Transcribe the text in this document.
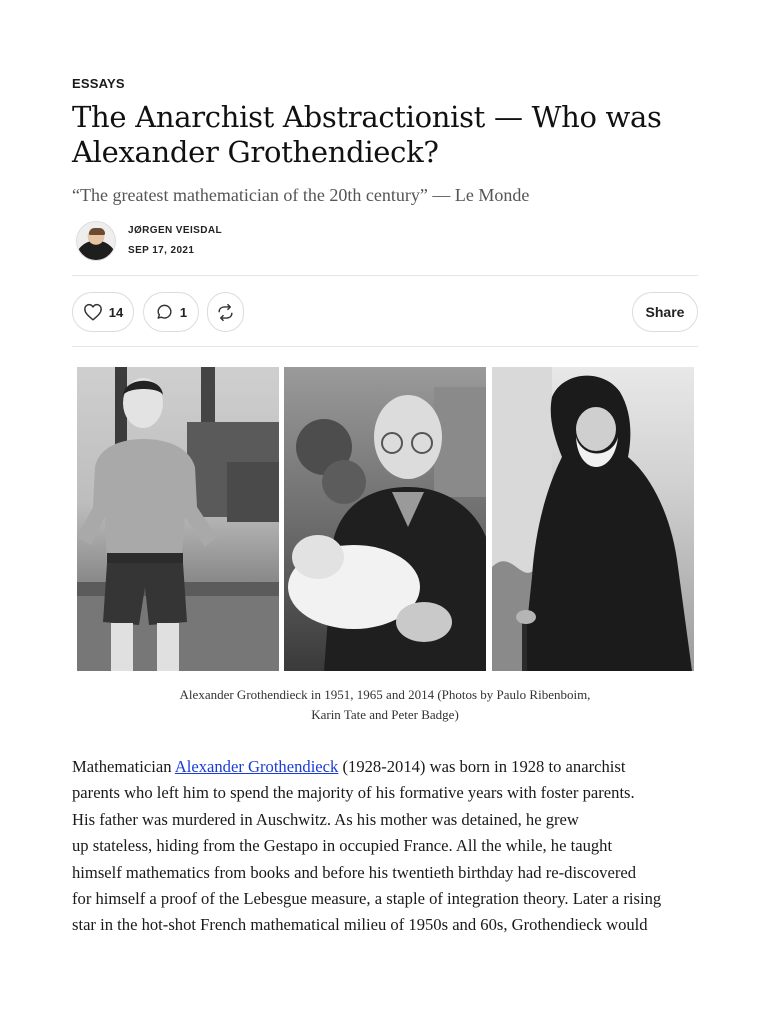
ESSAYS
The Anarchist Abstractionist — Who was Alexander Grothendieck?
“The greatest mathematician of the 20th century” — Le Monde
JØRGEN VEISDAL
SEP 17, 2021
14	1	Share
Alexander Grothendieck in 1951, 1965 and 2014 (Photos by Paulo Ribenboim,
Karin Tate and Peter Badge)
Mathematician Alexander Grothendieck (1928-2014) was born in 1928 to anarchist
parents who left him to spend the majority of his formative years with foster parents.
His father was murdered in Auschwitz. As his mother was detained, he grew
up stateless, hiding from the Gestapo in occupied France. All the while, he taught
himself mathematics from books and before his twentieth birthday had re-discovered
for himself a proof of the Lebesgue measure, a staple of integration theory. Later a rising
star in the hot-shot French mathematical milieu of 1950s and 60s, Grothendieck would
